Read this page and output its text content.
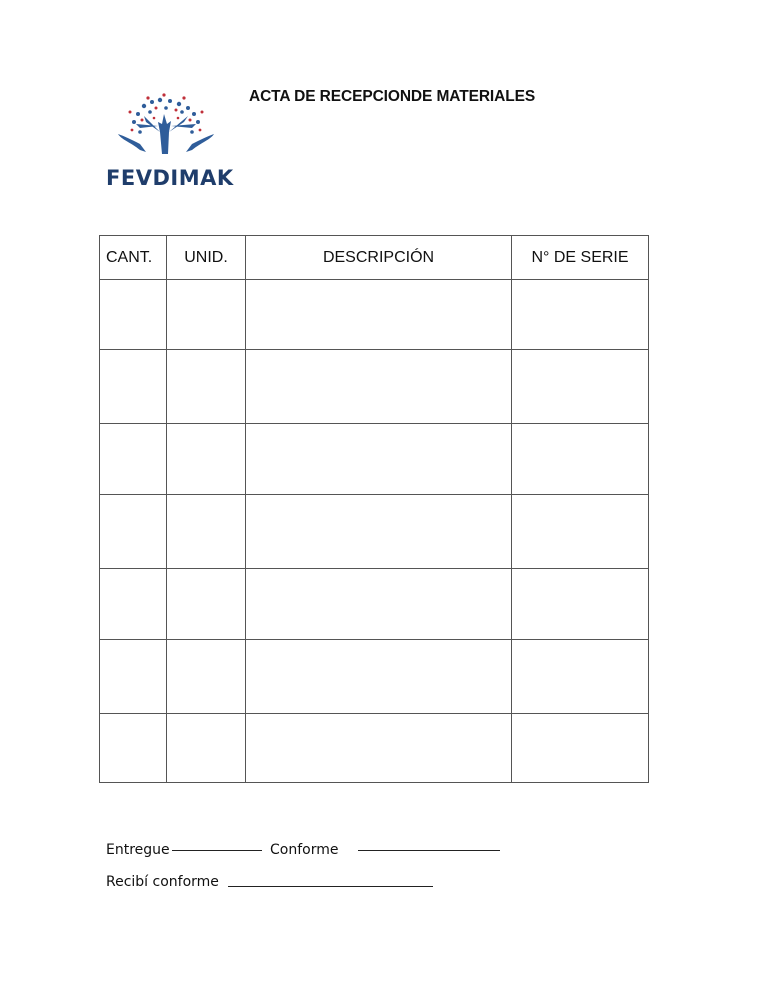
ACTA DE RECEPCIONDE MATERIALES
FEVDIMAK
CANT.	UNID.	DESCRIPCIÓN	N° DE SERIE

Entregue	Conforme
Recibí conforme
